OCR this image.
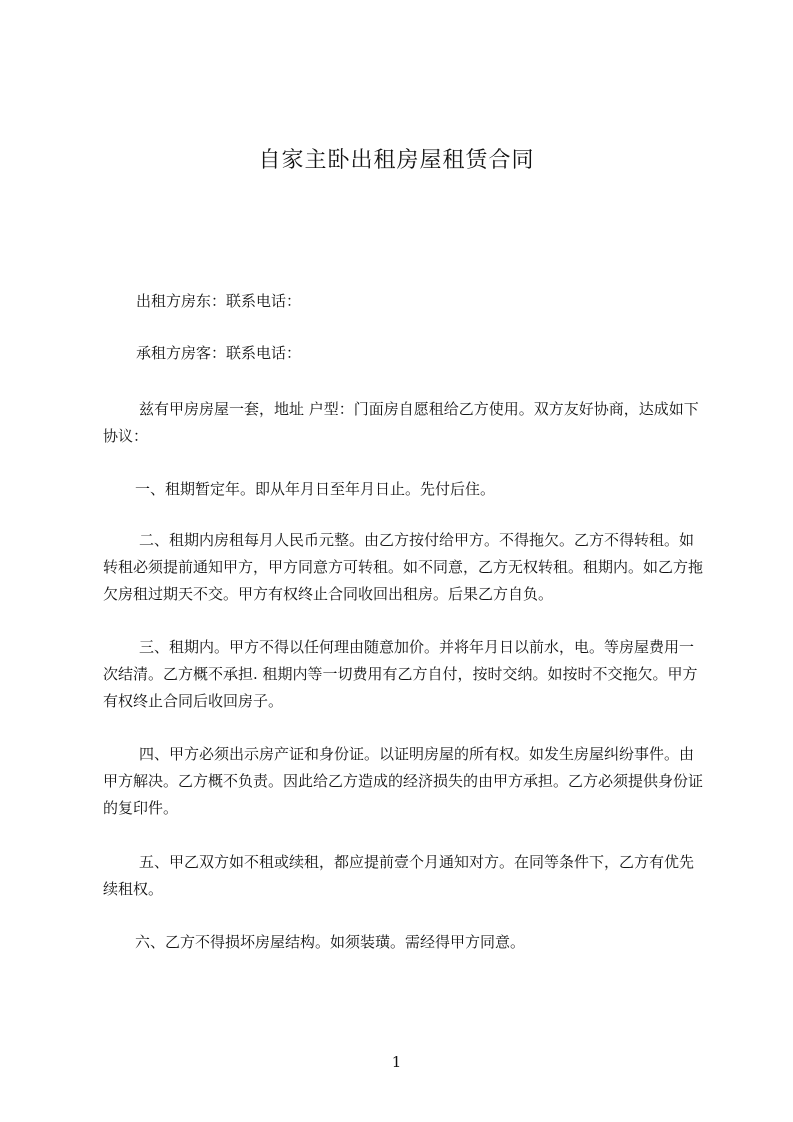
自家主卧出租房屋租赁合同

出租方房东：联系电话：

承租方房客：联系电话：

兹有甲房房屋一套，地址 户型：门面房自愿租给乙方使用。双方友好协商，达成如下协议：

一、租期暂定年。即从年月日至年月日止。先付后住。

二、租期内房租每月人民币元整。由乙方按付给甲方。不得拖欠。乙方不得转租。如转租必须提前通知甲方，甲方同意方可转租。如不同意，乙方无权转租。租期内。如乙方拖欠房租过期天不交。甲方有权终止合同收回出租房。后果乙方自负。

三、租期内。甲方不得以任何理由随意加价。并将年月日以前水，电。等房屋费用一次结清。乙方概不承担. 租期内等一切费用有乙方自付，按时交纳。如按时不交拖欠。甲方有权终止合同后收回房子。

四、甲方必须出示房产证和身份证。以证明房屋的所有权。如发生房屋纠纷事件。由甲方解决。乙方概不负责。因此给乙方造成的经济损失的由甲方承担。乙方必须提供身份证的复印件。

五、甲乙双方如不租或续租，都应提前壹个月通知对方。在同等条件下，乙方有优先续租权。

六、乙方不得损坏房屋结构。如须装璜。需经得甲方同意。

1
